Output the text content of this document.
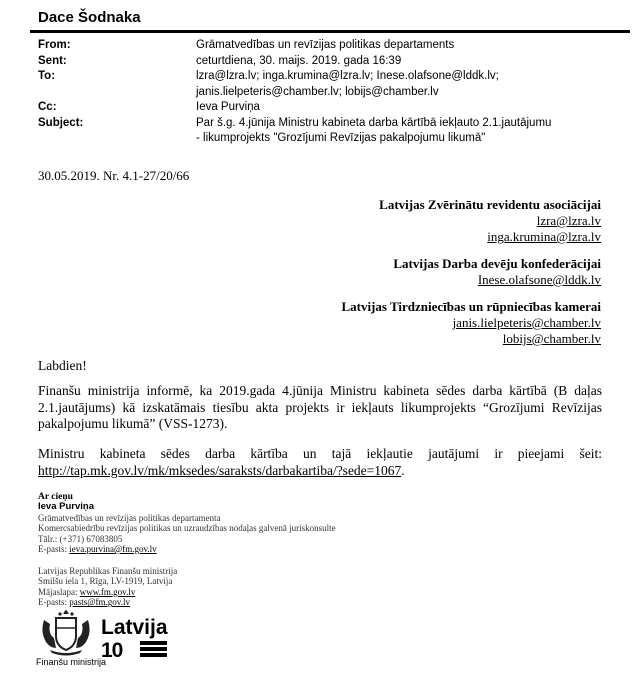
Dace Šodnaka
From:	Grāmatvedības un revīzijas politikas departaments
Sent:	ceturtdiena, 30. maijs. 2019. gada 16:39
To:	lzra@lzra.lv; inga.krumina@lzra.lv; Inese.olafsone@lddk.lv; janis.lielpeteris@chamber.lv; lobijs@chamber.lv
Cc:	Ieva Purviņa
Subject:	Par š.g. 4.jūnija Ministru kabineta darba kārtībā iekļauto 2.1.jautājumu - likumprojekts "Grozījumi Revīzijas pakalpojumu likumā"
30.05.2019. Nr. 4.1-27/20/66
Latvijas Zvērinātu revidentu asociācijai
lzra@lzra.lv
inga.krumina@lzra.lv
Latvijas Darba devēju konfederācijai
Inese.olafsone@lddk.lv
Latvijas Tirdzniecības un rūpniecības kamerai
janis.lielpeteris@chamber.lv
lobijs@chamber.lv
Labdien!
Finanšu ministrija informē, ka 2019.gada 4.jūnija Ministru kabineta sēdes darba kārtībā (B daļas 2.1.jautājums) kā izskatāmais tiesību akta projekts ir iekļauts likumprojekts “Grozījumi Revīzijas pakalpojumu likumā” (VSS-1273).
Ministru kabineta sēdes darba kārtība un tajā iekļautie jautājumi ir pieejami šeit: http://tap.mk.gov.lv/mk/mksedes/saraksts/darbakartiba/?sede=1067.
Ar cieņu
Ieva Purviņa
Grāmatvedības un revīzijas politikas departamenta
Komercsabiedrību revīzijas politikas un uzraudzības nodaļas galvenā juriskonsulte
Tālr.: (+371) 67083805
E-pasts: ieva.purvina@fm.gov.lv
Latvijas Republikas Finanšu ministrija
Smilšu iela 1, Rīga, LV-1919, Latvija
Mājaslapa: www.fm.gov.lv
E-pasts: pasts@fm.gov.lv
Finanšu ministrija
Latvija
10
